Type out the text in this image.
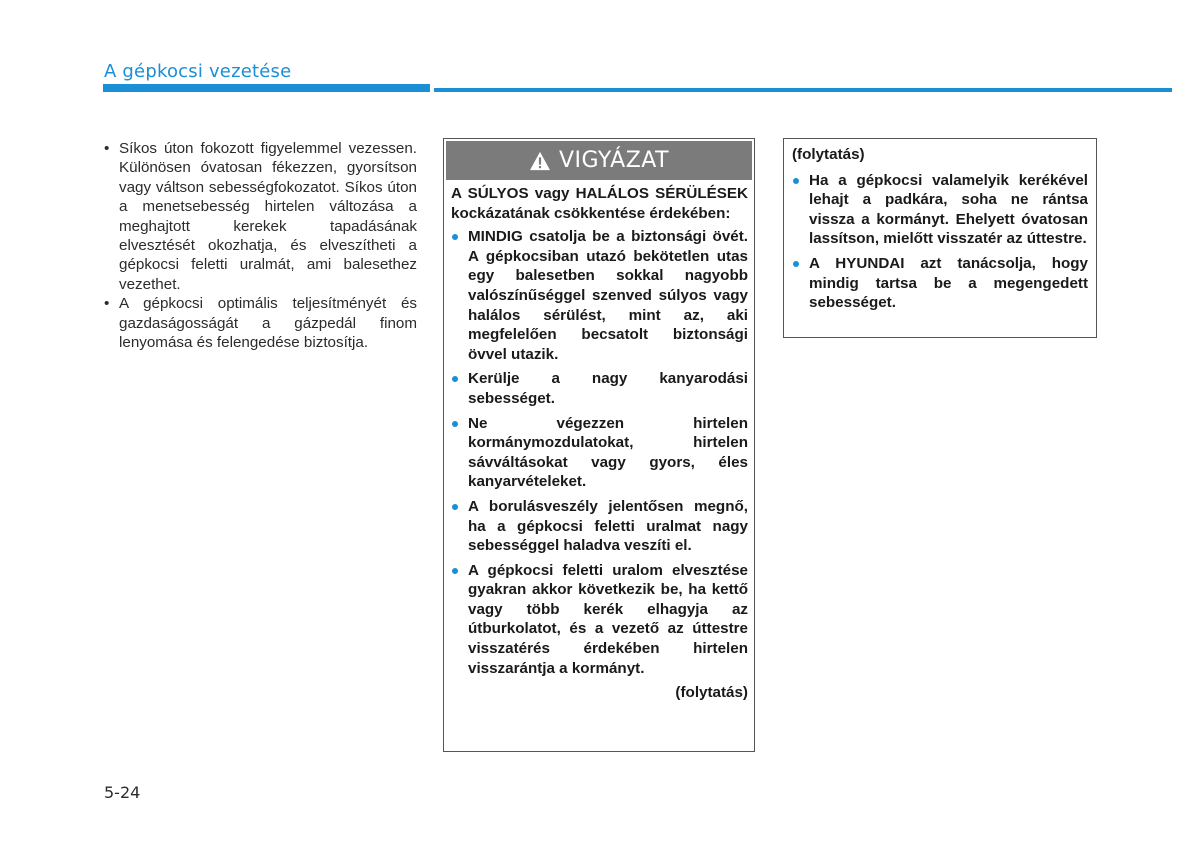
A gépkocsi vezetése
• Síkos úton fokozott figyelemmel vezessen. Különösen óvatosan fékezzen, gyorsítson vagy váltson sebességfokozatot. Síkos úton a menetsebesség hirtelen változása a meghajtott kerekek tapadásának elvesztését okozhatja, és elveszítheti a gépkocsi feletti uralmát, ami balesethez vezethet.
• A gépkocsi optimális teljesítményét és gazdaságosságát a gázpedál finom lenyomása és felengedése biztosítja.
VIGYÁZAT

A SÚLYOS vagy HALÁLOS SÉRÜLÉSEK kockázatának csökkentése érdekében:

MINDIG csatolja be a biztonsági övét. A gépkocsiban utazó bekötetlen utas egy balesetben sokkal nagyobb valószínűséggel szenved súlyos vagy halálos sérülést, mint az, aki megfelelően becsatolt biztonsági övvel utazik.
Kerülje a nagy kanyarodási sebességet.
Ne végezzen hirtelen kormánymozdulatokat, hirtelen sávváltásokat vagy gyors, éles kanyarvételeket.
A borulásveszély jelentősen megnő, ha a gépkocsi feletti uralmat nagy sebességgel haladva veszíti el.
A gépkocsi feletti uralom elvesztése gyakran akkor következik be, ha kettő vagy több kerék elhagyja az útburkolatot, és a vezető az úttestre visszatérés érdekében hirtelen visszarántja a kormányt.
(folytatás)

(folytatás)

Ha a gépkocsi valamelyik kerékével lehajt a padkára, soha ne rántsa vissza a kormányt. Ehelyett óvatosan lassítson, mielőtt visszatér az úttestre.
A HYUNDAI azt tanácsolja, hogy mindig tartsa be a megengedett sebességet.
5-24
